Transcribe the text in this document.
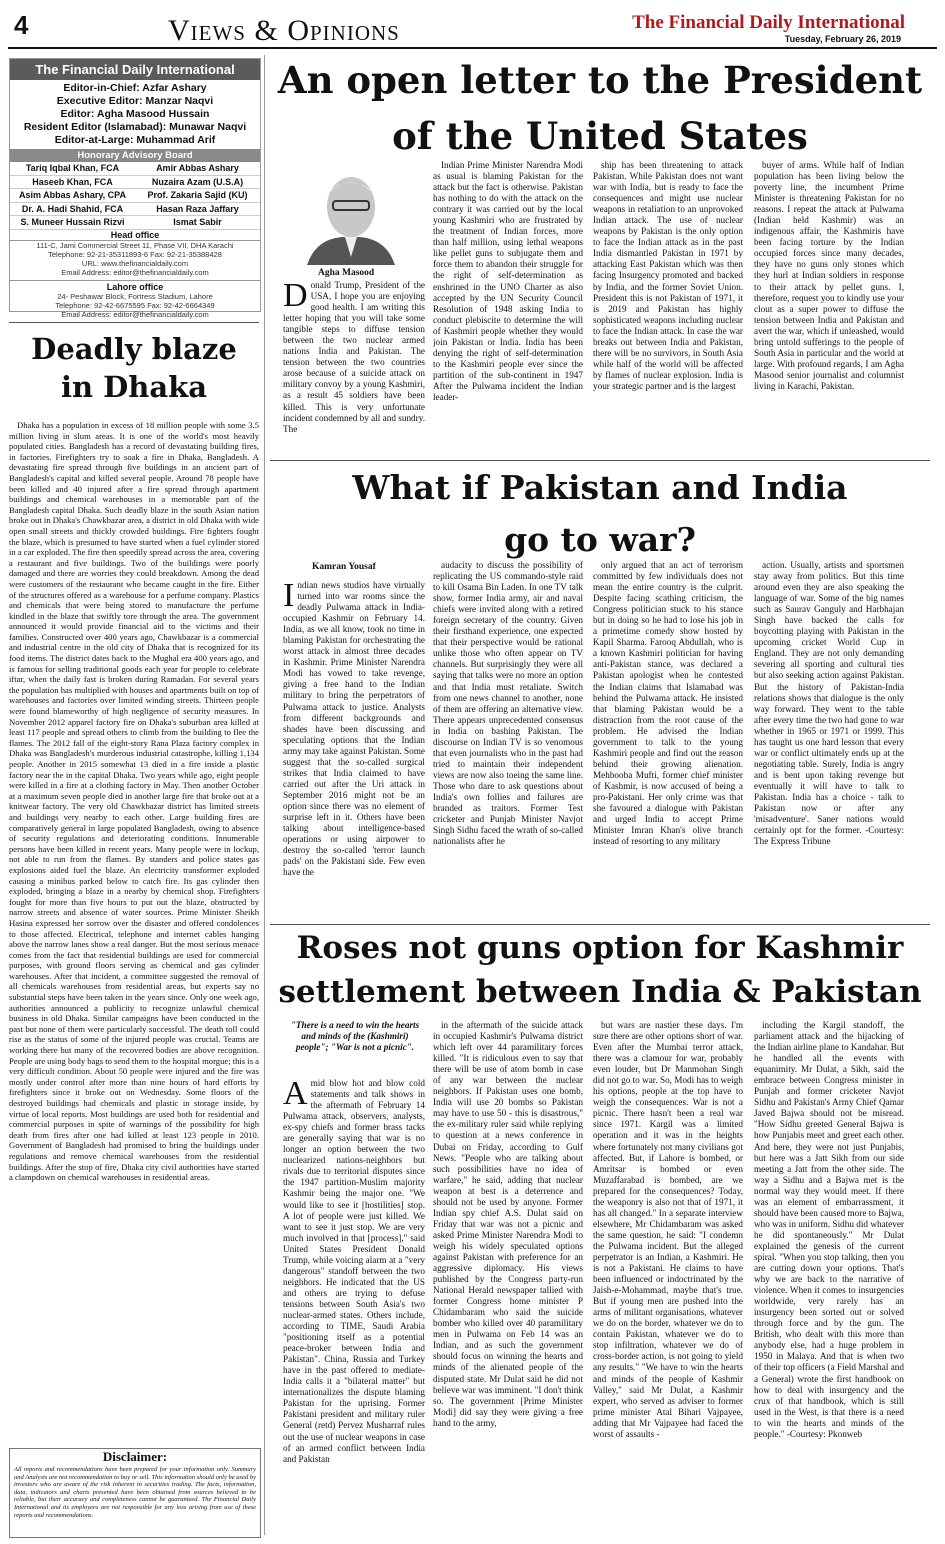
4	Views & Opinions	The Financial Daily International
Tuesday, February 26, 2019
The Financial Daily International
Editor-in-Chief: Azfar Ashary
Executive Editor: Manzar Naqvi
Editor: Agha Masood Hussain
Resident Editor (Islamabad): Munawar Naqvi
Editor-at-Large: Muhammad Arif
Honorary Advisory Board
Tariq Iqbal Khan, FCA	Amir Abbas Ashary
Haseeb Khan, FCA	Nuzaira Azam (U.S.A)
Asim Abbas Ashary, CPA	Prof. Zakaria Sajid (KU)
Dr. A. Hadi Shahid, FCA	Hasan Raza Jaffary
S. Muneer Hussain Rizvi	Ismat Sabir
Head office
111-C, Jami Commercial Street 11, Phase VII, DHA Karachi
Telephone: 92-21-35311893-6 Fax: 92-21-35388428
URL: www.thefinancialdaily.com
Email Address: editor@thefinancialdaily.com
Lahore office
24- Peshawar Block, Fortress Stadium, Lahore
Telephone: 92-42-6675595 Fax: 92-42-6664349
Email Address: editor@thefinancialdaily.com
Deadly blaze
in Dhaka

Dhaka has a population in excess of 18 million people with some 3.5 million living in slum areas. It is one of the world's most heavily populated cities. Bangladesh has a record of devastating building fires, in factories. Firefighters try to soak a fire in Dhaka, Bangladesh. A devastating fire spread through five buildings in an ancient part of Bangladesh's capital and killed several people. Around 78 people have been killed and 40 injured after a fire spread through apartment buildings and chemical warehouses in a memorable part of the Bangladesh capital Dhaka. Such deadly blaze in the south Asian nation broke out in Dhaka's Chawkbazar area, a district in old Dhaka with wide open small streets and thickly crowded buildings. Fire fighters fought the blaze, which is presumed to have started when a fuel cylinder stored in a car exploded. The fire then speedily spread across the area, covering a restaurant and five buildings. Two of the buildings were poorly damaged and there are worries they could breakdown. Among the dead were customers of the restaurant who became caught in the fire. Either of the structures offered as a warehouse for a perfume company. Plastics and chemicals that were being stored to manufacture the perfume kindled in the blaze that swiftly tore through the area. The government announced it would provide financial aid to the victims and their families. Constructed over 400 years ago, Chawkbazar is a commercial and industrial centre in the old city of Dhaka that is recognized for its food items. The district dates back to the Mughal era 400 years ago, and is famous for selling traditional goods each year for people to celebrate iftar, when the daily fast is broken during Ramadan. For several years the population has multiplied with houses and apartments built on top of warehouses and factories over limited winding streets. Thirteen people were found blameworthy of high negligence of security measures. In November 2012 apparel factory fire on Dhaka's suburban area killed at least 117 people and spread others to climb from the building to flee the flames. The 2012 fall of the eight-story Rana Plaza factory complex in Dhaka was Bangladesh's murderous industrial catastrophe, killing 1,134 people. Another in 2015 somewhat 13 died in a fire inside a plastic factory near the in the capital Dhaka. Two years while ago, eight people were killed in a fire at a clothing factory in May. Then another October at a maximum seven people died in another large fire that broke out at a knitwear factory. The very old Chawkbazar district has limited streets and buildings very nearby to each other. Large building fires are comparatively general in large populated Bangladesh, owing to absence of security regulations and deteriorating conditions. Innumerable persons have been killed in recent years. Many people were in lockup, not able to run from the flames. By standers and police states gas explosions aided fuel the blaze. An electricity transformer exploded causing a minibus parked below to catch fire. Its gas cylinder then exploded, bringing a blaze in a nearby by chemical shop. Firefighters fought for more than five hours to put out the blaze, obstructed by narrow streets and absence of water sources. Prime Minister Sheikh Hasina expressed her sorrow over the disaster and offered condolences to those affected. Electrical, telephone and internet cables hanging above the narrow lanes show a real danger. But the most serious menace comes from the fact that residential buildings are used for commercial purposes, with ground floors serving as chemical and gas cylinder warehouses. After that incident, a committee suggested the removal of all chemicals warehouses from residential areas, but experts say no substantial steps have been taken in the years since. Only one week ago, authorities announced a publicity to recognize unlawful chemical business in old Dhaka. Similar campaigns have been conducted in the past but none of them were particularly successful. The death toll could rise as the status of some of the injured people was crucial. Teams are working there but many of the recovered bodies are above recognition. People are using body bags to send them to the hospital morgue; this is a very difficult condition. About 50 people were injured and the fire was mostly under control after more than nine hours of hard efforts by firefighters since it broke out on Wednesday. Some floors of the destroyed buildings had chemicals and plastic in storage inside, by virtue of local reports. Most buildings are used both for residential and commercial purposes in spite of warnings of the possibility for high death from fires after one had killed at least 123 people in 2010. Government of Bangladesh had promised to bring the buildings under regulations and remove chemical warehouses from the residential buildings. After the stop of fire, Dhaka city civil authorities have started a clampdown on chemical warehouses in residential areas.

Disclaimer:
All reports and recommendations have been prepared for your information only. Summary and Analysis are not recommendation to buy or sell. This information should only be used by investors who are aware of the risk inherent in securities trading. The facts, information, data, indicators and charts presented have been obtained from sources believed to be reliable, but their accuracy and completeness cannot be guaranteed. The Financial Daily International and its employees are not responsible for any loss arising from use of these reports and recommendations.
An open letter to the President
of the United States
Agha Masood
Donald Trump, President of the USA, I hope you are enjoying good health. I am writing this letter hoping that you will take some tangible steps to diffuse tension between the two nuclear armed nations India and Pakistan. The tension between the two countries arose because of a suicide attack on military convoy by a young Kashmiri, as a result 45 soldiers have been killed. This is very unfortunate incident condemned by all and sundry. The

Indian Prime Minister Narendra Modi as usual is blaming Pakistan for the attack but the fact is otherwise. Pakistan has nothing to do with the attack on the contrary it was carried out by the local young Kashmiri who are frustrated by the treatment of Indian forces, more than half million, using lethal weapons like pellet guns to subjugate them and force them to abandon their struggle for the right of self-determination as enshrined in the UNO Charter as also accepted by the UN Security Council Resolution of 1948 asking India to conduct plebiscite to determine the will of Kashmiri people whether they would join Pakistan or India. India has been denying the right of self-determination to the Kashmiri people ever since the partition of the sub-continent in 1947 After the Pulwama incident the Indian leader-

ship has been threatening to attack Pakistan. While Pakistan does not want war with India, but is ready to face the consequences and might use nuclear weapons in retaliation to an unprovoked Indian attack. The use of nuclear weapons by Pakistan is the only option to face the Indian attack as in the past India dismantled Pakistan in 1971 by attacking East Pakistan which was then facing Insurgency promoted and backed by India, and the former Soviet Union. President this is not Pakistan of 1971, it is 2019 and Pakistan has highly sophisticated weapons including nuclear to face the Indian attack. In case the war breaks out between India and Pakistan, there will be no survivors, in South Asia while half of the world will be affected by flames of nuclear explosion. India is your strategic partner and is the largest

buyer of arms. While half of Indian population has been living below the poverty line, the incumbent Prime Minister is threatening Pakistan for no reasons. I repeat the attack at Pulwama (Indian held Kashmir) was an indigenous affair, the Kashmiris have been facing torture by the Indian occupied forces since many decades, they have no guns only stones which they hurl at Indian soldiers in response to their attack by pellet guns. I, therefore, request you to kindly use your clout as a super power to diffuse the tension between India and Pakistan and avert the war, which if unleashed, would bring untold sufferings to the people of South Asia in particular and the world at large. With profound regards, I am Agha Masood senior journalist and columnist living in Karachi, Pakistan.

What if Pakistan and India
go to war?
Kamran Yousaf
Indian news studios have virtually turned into war rooms since the deadly Pulwama attack in India-occupied Kashmir on February 14. India, as we all know, took no time in blaming Pakistan for orchestrating the worst attack in almost three decades in Kashmir. Prime Minister Narendra Modi has vowed to take revenge, giving a free hand to the Indian military to bring the perpetrators of Pulwama attack to justice. Analysts from different backgrounds and shades have been discussing and speculating options that the Indian army may take against Pakistan. Some suggest that the so-called surgical strikes that India claimed to have carried out after the Uri attack in September 2016 might not be an option since there was no element of surprise left in it. Others have been talking about intelligence-based operations or using airpower to destroy the so-called 'terror launch pads' on the Pakistani side. Few even have the

audacity to discuss the possibility of replicating the US commando-style raid to kill Osama Bin Laden. In one TV talk show, former India army, air and naval chiefs were invited along with a retired foreign secretary of the country. Given their firsthand experience, one expected that their perspective would be rational unlike those who often appear on TV channels. But surprisingly they were all saying that talks were no more an option and that India must retaliate. Switch from one news channel to another, none of them are offering an alternative view. There appears unprecedented consensus in India on bashing Pakistan. The discourse on Indian TV is so venomous that even journalists who in the past had tried to maintain their independent views are now also toeing the same line. Those who dare to ask questions about India's own follies and failures are branded as traitors. Former Test cricketer and Punjab Minister Navjot Singh Sidhu faced the wrath of so-called nationalists after he

only argued that an act of terrorism committed by few individuals does not mean the entire country is the culprit. Despite facing scathing criticism, the Congress politician stuck to his stance but in doing so he had to lose his job in a primetime comedy show hosted by Kapil Sharma. Farooq Abdullah, who is a known Kashmiri politician for having anti-Pakistan stance, was declared a Pakistan apologist when he contested the Indian claims that Islamabad was behind the Pulwama attack. He insisted that blaming Pakistan would be a distraction from the root cause of the problem. He advised the Indian government to talk to the young Kashmiri people and find out the reason behind their growing alienation. Mehbooba Mufti, former chief minister of Kashmir, is now accused of being a pro-Pakistani. Her only crime was that she favoured a dialogue with Pakistan and urged India to accept Prime Minister Imran Khan's olive branch instead of resorting to any military

action. Usually, artists and sportsmen stay away from politics. But this time around even they are also speaking the language of war. Some of the big names such as Saurav Ganguly and Harbhajan Singh have backed the calls for boycotting playing with Pakistan in the upcoming cricket World Cup in England. They are not only demanding severing all sporting and cultural ties but also seeking action against Pakistan. But the history of Pakistan-India relations shows that dialogue is the only way forward. They went to the table after every time the two had gone to war whether in 1965 or 1971 or 1999. This has taught us one hard lesson that every war or conflict ultimately ends up at the negotiating table. Surely, India is angry and is bent upon taking revenge but eventually it will have to talk to Pakistan. India has a choice - talk to Pakistan now or after any 'misadventure'. Saner nations would certainly opt for the former. -Courtesy: The Express Tribune

Roses not guns option for Kashmir
settlement between India & Pakistan
"There is a need to win the hearts and minds of the (Kashmiri) people"; "War is not a picnic".
Amid blow hot and blow cold statements and talk shows in the aftermath of February 14 Pulwama attack, observers, analysts, ex-spy chiefs and former brass tacks are generally saying that war is no longer an option between the two nuclearized nations-neighbors but rivals due to territorial disputes since the 1947 partition-Muslim majority Kashmir being the major one. "We would like to see it [hostilities] stop. A lot of people were just killed. We want to see it just stop. We are very much involved in that [process]," said United States President Donald Trump, while voicing alarm at a "very dangerous" standoff between the two neighbors. He indicated that the US and others are trying to defuse tensions between South Asia's two nuclear-armed states. Others include, according to TIME, Saudi Arabia "positioning itself as a potential peace-broker between India and Pakistan". China, Russia and Turkey have in the past offered to mediate-India calls it a "bilateral matter" but internationalizes the dispute blaming Pakistan for the uprising. Former Pakistani president and military ruler General (retd) Pervez Musharraf rules out the use of nuclear weapons in case of an armed conflict between India and Pakistan

in the aftermath of the suicide attack in occupied Kashmir's Pulwama district which left over 44 paramilitary forces killed. "It is ridiculous even to say that there will be use of atom bomb in case of any war between the nuclear neighbors. If Pakistan uses one bomb, India will use 20 bombs so Pakistan may have to use 50 - this is disastrous," the ex-military ruler said while replying to question at a news conference in Dubai on Friday, according to Gulf News. "People who are talking about such possibilities have no idea of warfare," he said, adding that nuclear weapon at best is a deterrence and should not be used by anyone. Former Indian spy chief A.S. Dulat said on Friday that war was not a picnic and asked Prime Minister Narendra Modi to weigh his widely speculated options against Pakistan with preference for an aggressive diplomacy. His views published by the Congress party-run National Herald newspaper tallied with former Congress home minister P Chidambaram who said the suicide bomber who killed over 40 paramilitary men in Pulwama on Feb 14 was an Indian, and as such the government should focus on winning the hearts and minds of the alienated people of the disputed state. Mr Dulat said he did not believe war was imminent. "I don't think so. The government [Prime Minister Modi] did say they were giving a free hand to the army,

but wars are nastier these days. I'm sure there are other options short of war. Even after the Mumbai terror attack, there was a clamour for war, probably even louder, but Dr Manmohan Singh did not go to war. So, Modi has to weigh his options, people at the top have to weigh the consequences. War is not a picnic. There hasn't been a real war since 1971. Kargil was a limited operation and it was in the heights where fortunately not many civilians got affected. But, if Lahore is bombed, or Amritsar is bombed or even Muzaffarabad is bombed, are we prepared for the consequences? Today, the weaponry is also not that of 1971, it has all changed." In a separate interview elsewhere, Mr Chidambaram was asked the same question, he said: "I condemn the Pulwama incident. But the alleged perpetrator is an Indian, a Kashmiri. He is not a Pakistani. He claims to have been influenced or indoctrinated by the Jaish-e-Mohammad, maybe that's true. But if young men are pushed into the arms of militant organisations, whatever we do on the border, whatever we do to contain Pakistan, whatever we do to stop infiltration, whatever we do of cross-border action, is not going to yield any results." "We have to win the hearts and minds of the people of Kashmir Valley," said Mr Dulat, a Kashmir expert, who served as adviser to former prime minister Atal Bihari Vajpayee, adding that Mr Vajpayee had faced the worst of assaults -

including the Kargil standoff, the parliament attack and the hijacking of the Indian airline plane to Kandahar. But he handled all the events with equanimity. Mr Dulat, a Sikh, said the embrace between Congress minister in Punjab and former cricketer Navjot Sidhu and Pakistan's Army Chief Qamar Javed Bajwa should not be misread. "How Sidhu greeted General Bajwa is how Punjabis meet and greet each other. And here, they were not just Punjabis, but here was a Jatt Sikh from our side meeting a Jatt from the other side. The way a Sidhu and a Bajwa met is the normal way they would meet. If there was an element of embarrassment, it should have been caused more to Bajwa, who was in uniform. Sidhu did whatever he did spontaneously." Mr Dulat explained the genesis of the current spiral. "When you stop talking, then you are cutting down your options. That's why we are back to the narrative of violence. When it comes to insurgencies worldwide, very rarely has an insurgency been sorted out or solved through force and by the gun. The British, who dealt with this more than anybody else, had a huge problem in 1950 in Malaya. And that is when two of their top officers (a Field Marshal and a General) wrote the first handbook on how to deal with insurgency and the crux of that handbook, which is still used in the West, is that there is a need to win the hearts and minds of the people." -Courtesy: Pkonweb
